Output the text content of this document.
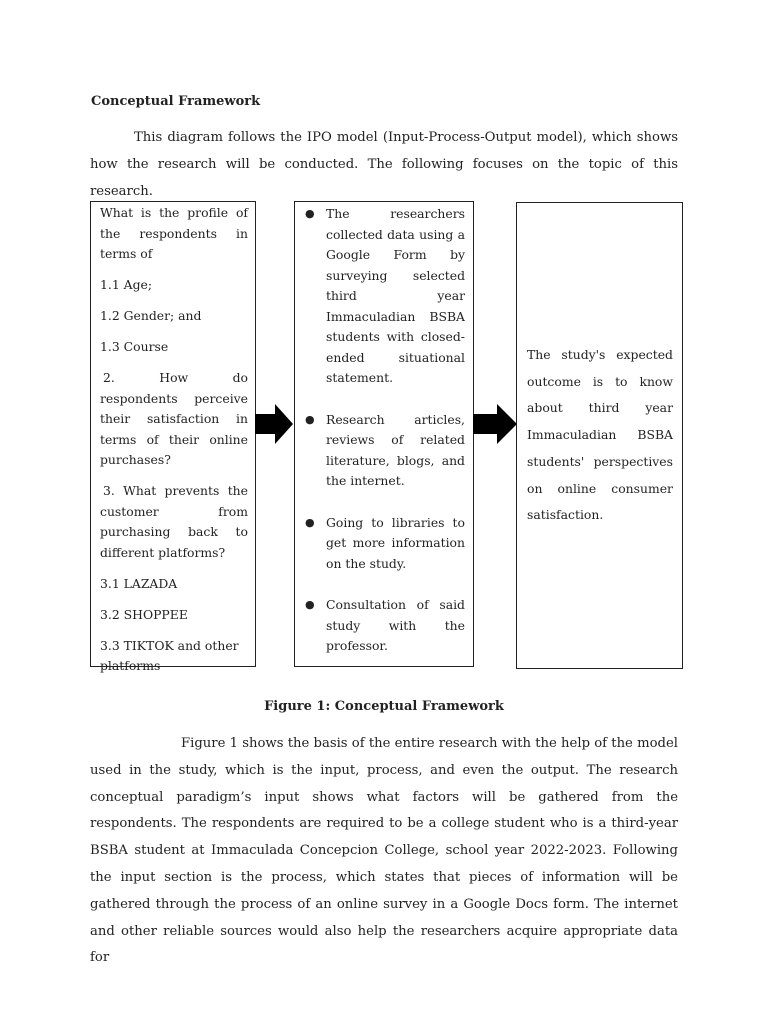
Conceptual Framework

This diagram follows the IPO model (Input-Process-Output model), which shows how the research will be conducted. The following focuses on the topic of this research.

What is the profile of the respondents in terms of

1.1 Age;

1.2 Gender; and

1.3 Course

2. How do respondents perceive their satisfaction in terms of their online purchases?

3. What prevents the customer from purchasing back to different platforms?

3.1 LAZADA

3.2 SHOPPEE

3.3 TIKTOK and other platforms

● The researchers collected data using a Google Form by surveying selected third year Immaculadian BSBA students with closed-ended situational statement.
● Research articles, reviews of related literature, blogs, and the internet.
● Going to libraries to get more information on the study.
● Consultation of said study with the professor.

The study's expected outcome is to know about third year Immaculadian BSBA students' perspectives on online consumer satisfaction.

Figure 1: Conceptual Framework

Figure 1 shows the basis of the entire research with the help of the model used in the study, which is the input, process, and even the output. The research conceptual paradigm’s input shows what factors will be gathered from the respondents. The respondents are required to be a college student who is a third-year BSBA student at Immaculada Concepcion College, school year 2022-2023. Following the input section is the process, which states that pieces of information will be gathered through the process of an online survey in a Google Docs form. The internet and other reliable sources would also help the researchers acquire appropriate data for
